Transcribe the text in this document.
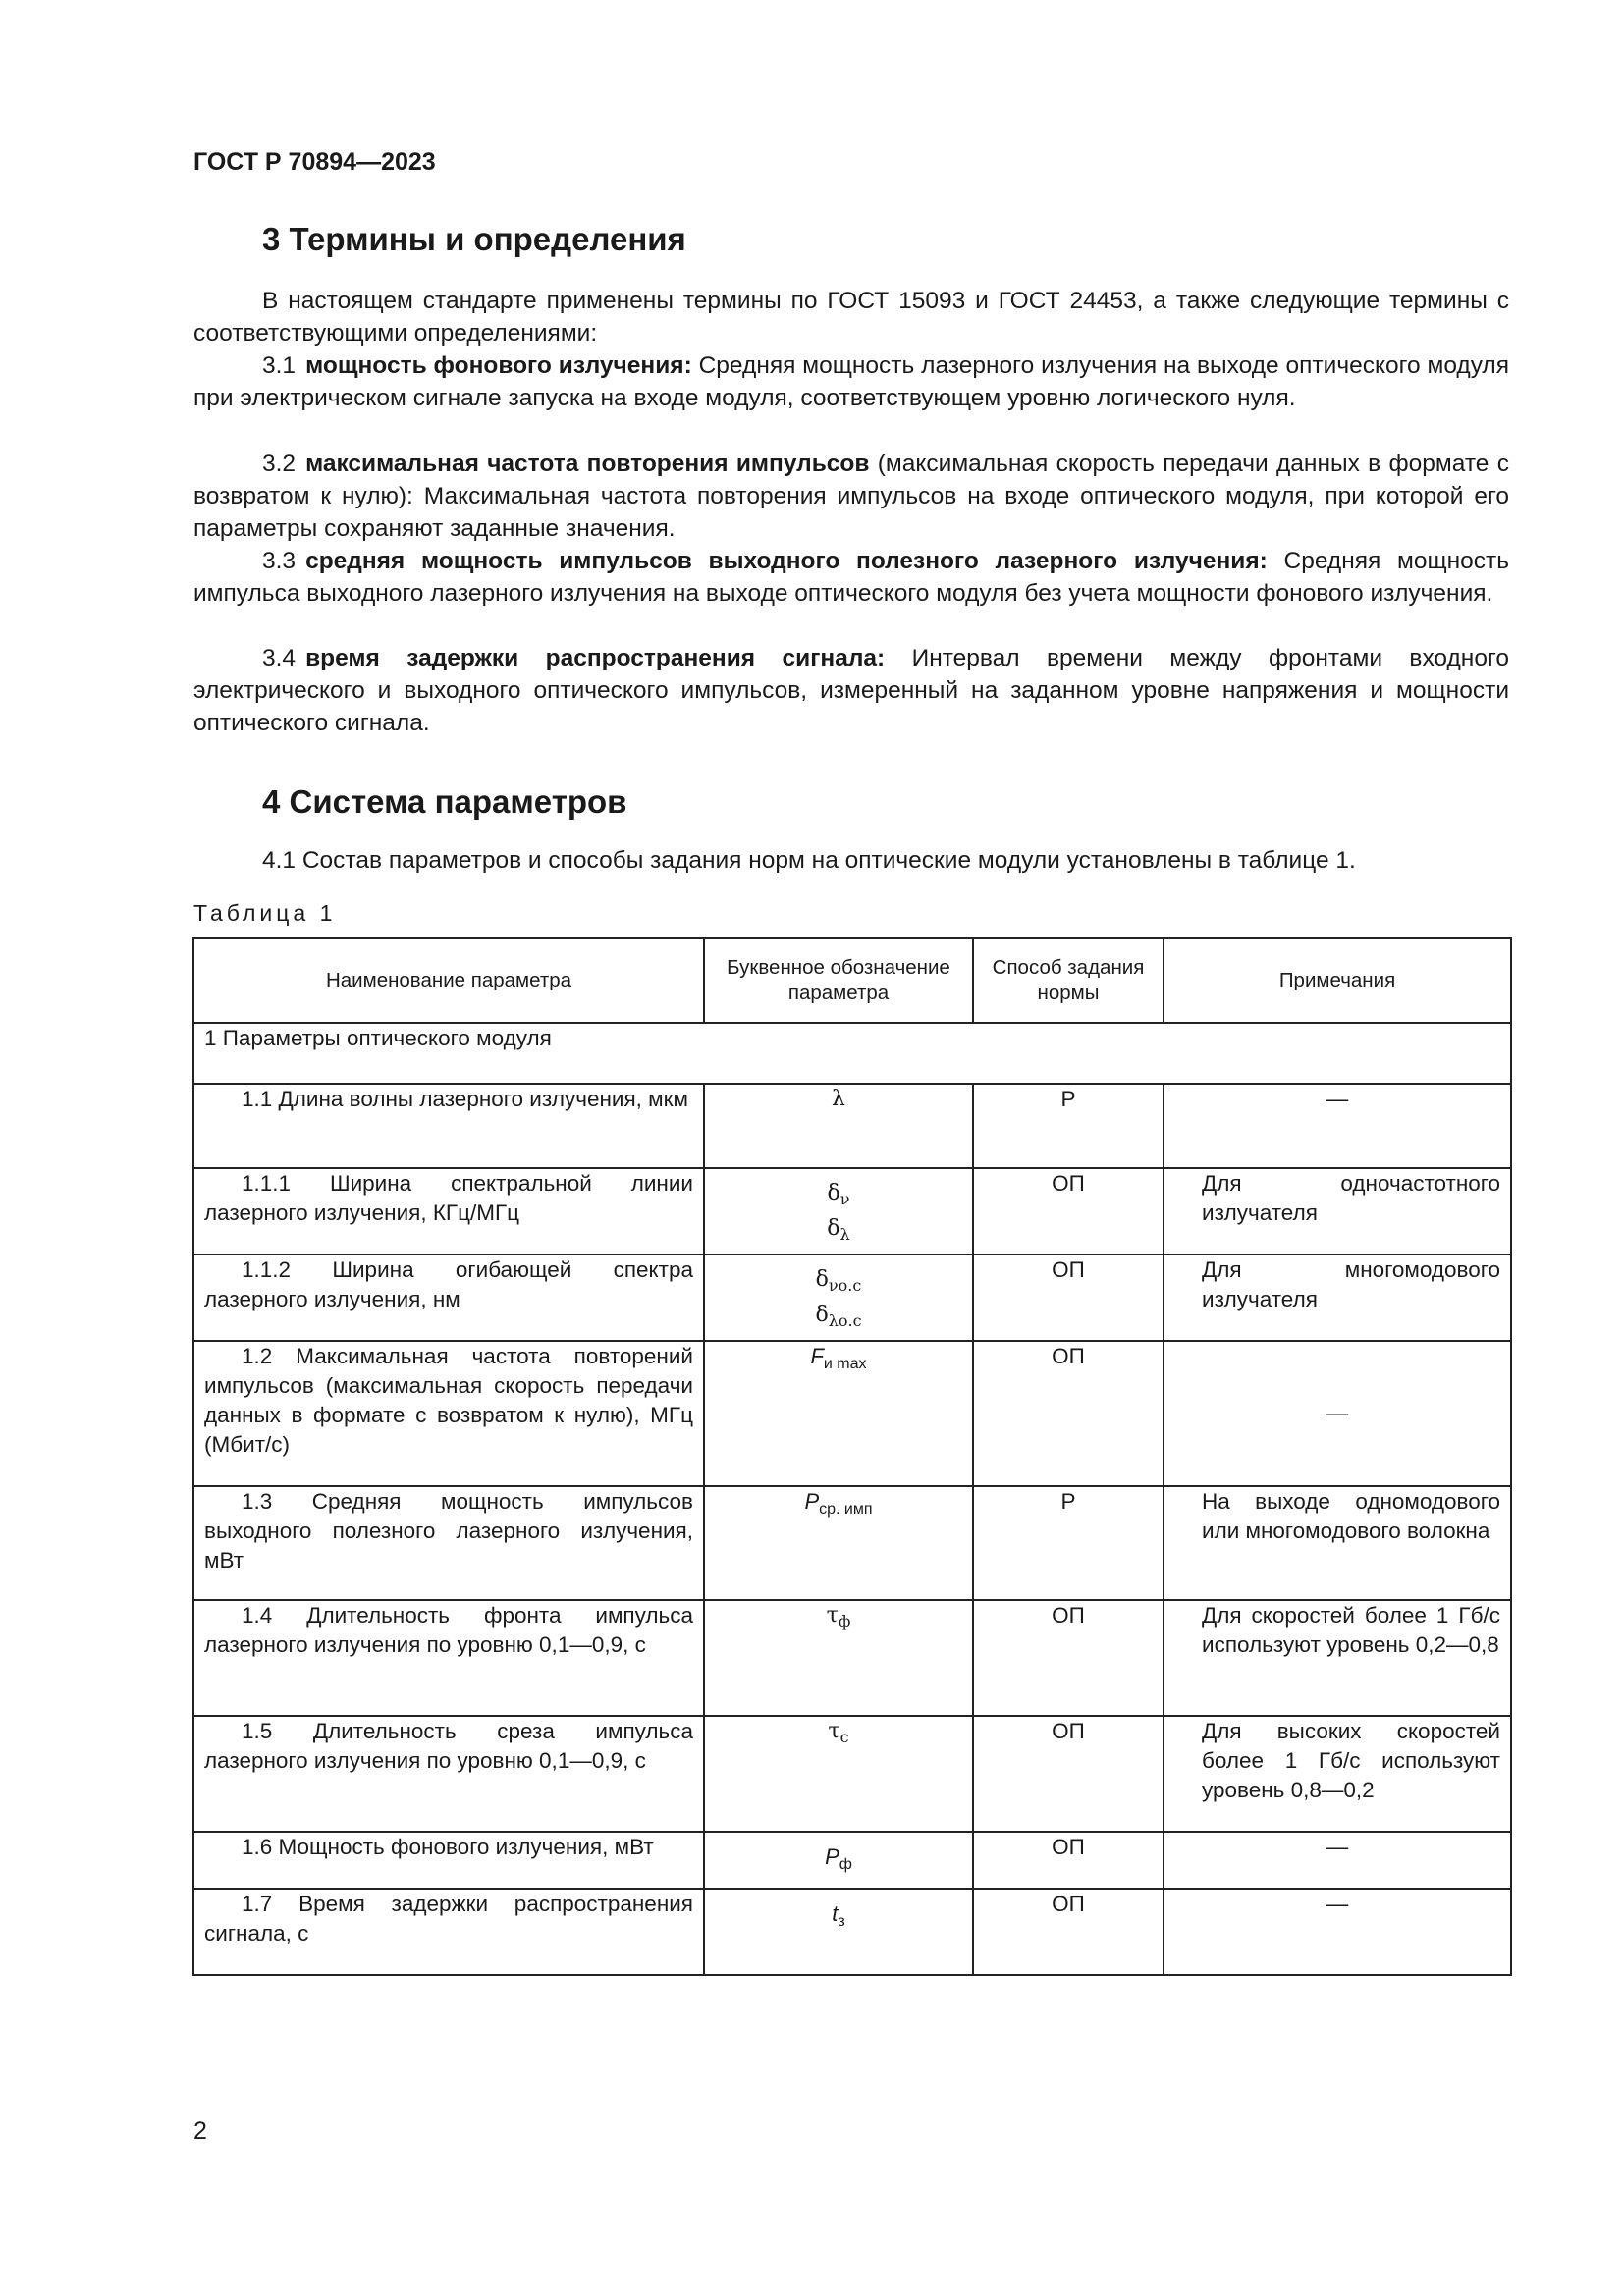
ГОСТ Р 70894—2023
3 Термины и определения

В настоящем стандарте применены термины по ГОСТ 15093 и ГОСТ 24453, а также следующие термины с соответствующими определениями:

3.1 мощность фонового излучения: Средняя мощность лазерного излучения на выходе оптического модуля при электрическом сигнале запуска на входе модуля, соответствующем уровню логического нуля.

3.2 максимальная частота повторения импульсов (максимальная скорость передачи данных в формате с возвратом к нулю): Максимальная частота повторения импульсов на входе оптического модуля, при которой его параметры сохраняют заданные значения.

3.3 средняя мощность импульсов выходного полезного лазерного излучения: Средняя мощность импульса выходного лазерного излучения на выходе оптического модуля без учета мощности фонового излучения.

3.4 время задержки распространения сигнала: Интервал времени между фронтами входного электрического и выходного оптического импульсов, измеренный на заданном уровне напряжения и мощности оптического сигнала.

4 Система параметров

4.1 Состав параметров и способы задания норм на оптические модули установлены в таблице 1.

Таблица 1
Наименование параметра	Буквенное обозначение параметра	Способ задания нормы	Примечания
1 Параметры оптического модуля			
1.1 Длина волны лазерного излучения, мкм	λ	Р	—
1.1.1 Ширина спектральной линии лазерного излучения, КГц/МГц	$\delta_\nu$
$\delta_\lambda$	ОП	Для одночастотного излучателя

1.1.2 Ширина огибающей спектра лазерного излучения, нм	$\delta_{\nu о.с}$
$\delta_{\lambda о.с}$	ОП	Для многомодового излучателя

1.2 Максимальная частота повторений импульсов (максимальная скорость передачи данных в формате с возвратом к нулю), МГц (Мбит/с)	$F_{и max}$	ОП	—
1.3 Средняя мощность импульсов выходного полезного лазерного излучения, мВт	$P_{ср. имп}$	Р	На выходе одномодового или многомодового волокна

1.4 Длительность фронта импульса лазерного излучения по уровню 0,1—0,9, с	$\tau_ф$	ОП	Для скоростей более 1 Гб/с используют уровень 0,2—0,8

1.5 Длительность среза импульса лазерного излучения по уровню 0,1—0,9, с	$\tau_с$	ОП	Для высоких скоростей более 1 Гб/с используют уровень 0,8—0,2

1.6 Мощность фонового излучения, мВт	$P_ф$	ОП	—
1.7 Время задержки распространения сигнала, с	$t_з$	ОП	—
2
